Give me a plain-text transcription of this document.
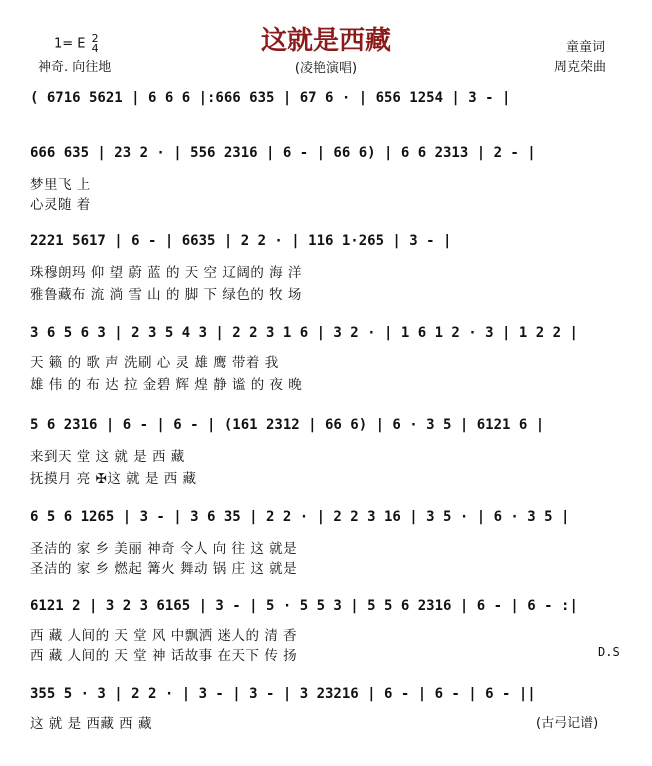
这就是西藏
1= E 2
4
神奇. 向往地	(凌艳演唱)
童童词
周克荣曲
( 6716 5621 | 6 6 6 |:666 635 | 67 6 · | 656 1254 | 3 - |
666 635 | 23 2 · | 556 2316 | 6 - | 66 6) | 6 6 2313 | 2 - |
梦里飞 上
心灵随 着
2221 5617 | 6 - | 6635 | 2 2 · | 116 1·265 | 3 - |
珠穆朗玛 仰 望 蔚 蓝 的 天 空 辽阔的 海 洋
雅鲁藏布 流 淌 雪 山 的 脚 下 绿色的 牧 场
3 6 5 6 3 | 2 3 5 4 3 | 2 2 3 1 6 | 3 2 · | 1 6 1 2 · 3 | 1 2 2 |
天 籁 的 歌 声 洗刷 心 灵 雄 鹰 带着 我
雄 伟 的 布 达 拉 金碧 辉 煌 静 谧 的 夜 晚
5 6 2316 | 6 - | 6 - | (161 2312 | 66 6) | 6 · 3 5 | 6121 6 |
来到天 堂 这 就 是 西 藏
抚摸月 亮 ✠这 就 是 西 藏
6 5 6 1265 | 3 - | 3 6 35 | 2 2 · | 2 2 3 16 | 3 5 · | 6 · 3 5 |
圣洁的 家 乡 美丽 神奇 令人 向 往 这 就是
圣洁的 家 乡 燃起 篝火 舞动 锅 庄 这 就是
6121 2 | 3 2 3 6165 | 3 - | 5 · 5 5 3 | 5 5 6 2316 | 6 - | 6 - :|
西 藏 人间的 天 堂 风 中飘洒 迷人的 清 香
西 藏 人间的 天 堂 神 话故事 在天下 传 扬	D.S
355 5 · 3 | 2 2 · | 3 - | 3 - | 3 23216 | 6 - | 6 - | 6 - ||
这 就 是 西藏 西 藏	(古弓记谱)
